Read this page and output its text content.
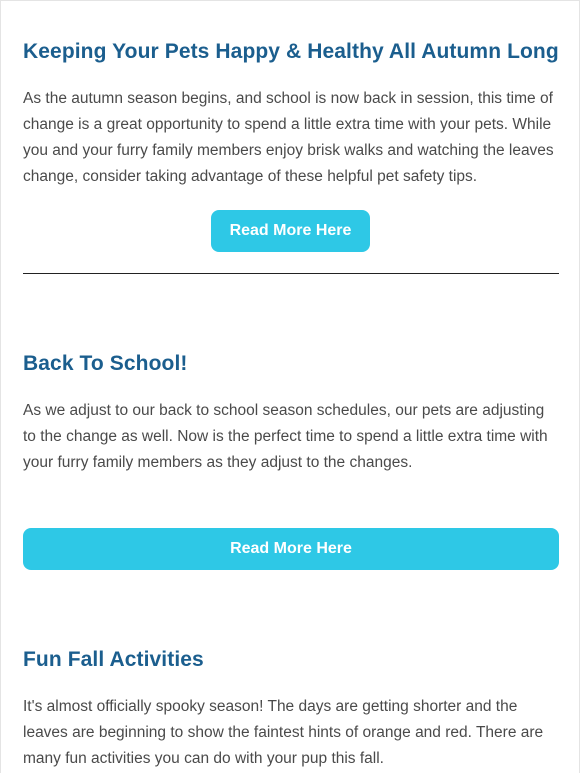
Keeping Your Pets Happy & Healthy All Autumn Long

As the autumn season begins, and school is now back in session, this time of change is a great opportunity to spend a little extra time with your pets. While you and your furry family members enjoy brisk walks and watching the leaves change, consider taking advantage of these helpful pet safety tips.

Read More Here
Back To School!

As we adjust to our back to school season schedules, our pets are adjusting to the change as well. Now is the perfect time to spend a little extra time with your furry family members as they adjust to the changes.

Read More Here
Fun Fall Activities

It's almost officially spooky season! The days are getting shorter and the leaves are beginning to show the faintest hints of orange and red. There are many fun activities you can do with your pup this fall.
